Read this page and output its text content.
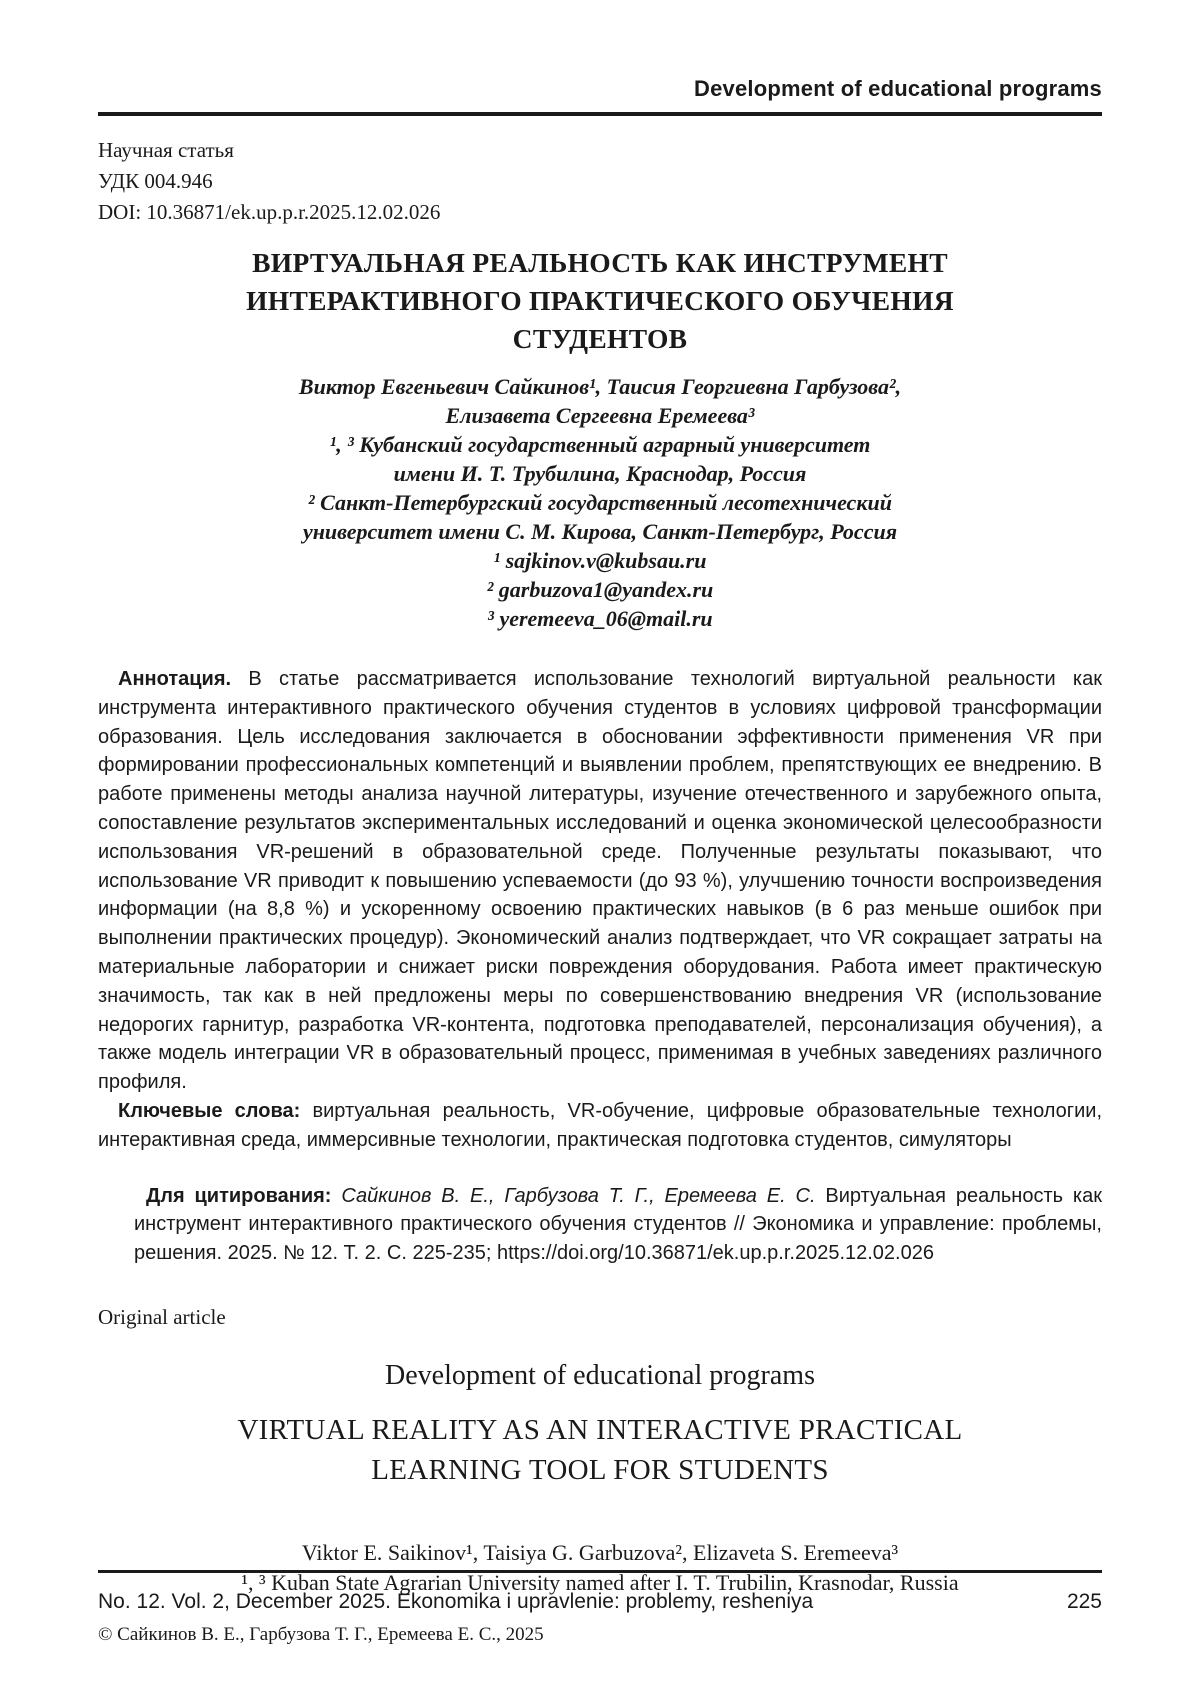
Development of educational programs
Научная статья
УДК 004.946
DOI: 10.36871/ek.up.p.r.2025.12.02.026
ВИРТУАЛЬНАЯ РЕАЛЬНОСТЬ КАК ИНСТРУМЕНТ
ИНТЕРАКТИВНОГО ПРАКТИЧЕСКОГО ОБУЧЕНИЯ
СТУДЕНТОВ
Виктор Евгеньевич Сайкинов¹, Таисия Георгиевна Гарбузова²,
Елизавета Сергеевна Еремеева³
¹, ³ Кубанский государственный аграрный университет
имени И. Т. Трубилина, Краснодар, Россия
² Санкт-Петербургский государственный лесотехнический
университет имени С. М. Кирова, Санкт-Петербург, Россия
¹ sajkinov.v@kubsau.ru
² garbuzova1@yandex.ru
³ yeremeeva_06@mail.ru

Аннотация. В статье рассматривается использование технологий виртуальной реальности как инструмента интерактивного практического обучения студентов в условиях цифровой трансформации образования. Цель исследования заключается в обосновании эффективности применения VR при формировании профессиональных компетенций и выявлении проблем, препятствующих ее внедрению. В работе применены методы анализа научной литературы, изучение отечественного и зарубежного опыта, сопоставление результатов экспериментальных исследований и оценка экономической целесообразности использования VR-решений в образовательной среде. Полученные результаты показывают, что использование VR приводит к повышению успеваемости (до 93 %), улучшению точности воспроизведения информации (на 8,8 %) и ускоренному освоению практических навыков (в 6 раз меньше ошибок при выполнении практических процедур). Экономический анализ подтверждает, что VR сокращает затраты на материальные лаборатории и снижает риски повреждения оборудования. Работа имеет практическую значимость, так как в ней предложены меры по совершенствованию внедрения VR (использование недорогих гарнитур, разработка VR-контента, подготовка преподавателей, персонализация обучения), а также модель интеграции VR в образовательный процесс, применимая в учебных заведениях различного профиля.

Ключевые слова: виртуальная реальность, VR-обучение, цифровые образовательные технологии, интерактивная среда, иммерсивные технологии, практическая подготовка студентов, симуляторы

Для цитирования: Сайкинов В. Е., Гарбузова Т. Г., Еремеева Е. С. Виртуальная реальность как инструмент интерактивного практического обучения студентов // Экономика и управление: проблемы, решения. 2025. № 12. Т. 2. С. 225-235; https://doi.org/10.36871/ek.up.p.r.2025.12.02.026

Original article
Development of educational programs
VIRTUAL REALITY AS AN INTERACTIVE PRACTICAL
LEARNING TOOL FOR STUDENTS
Viktor E. Saikinov¹, Taisiya G. Garbuzova², Elizaveta S. Eremeeva³
¹, ³ Kuban State Agrarian University named after I. T. Trubilin, Krasnodar, Russia
© Сайкинов В. Е., Гарбузова Т. Г., Еремеева Е. С., 2025
No. 12. Vol. 2, December 2025. Ekonomika i upravlenie: problemy, resheniya	225
